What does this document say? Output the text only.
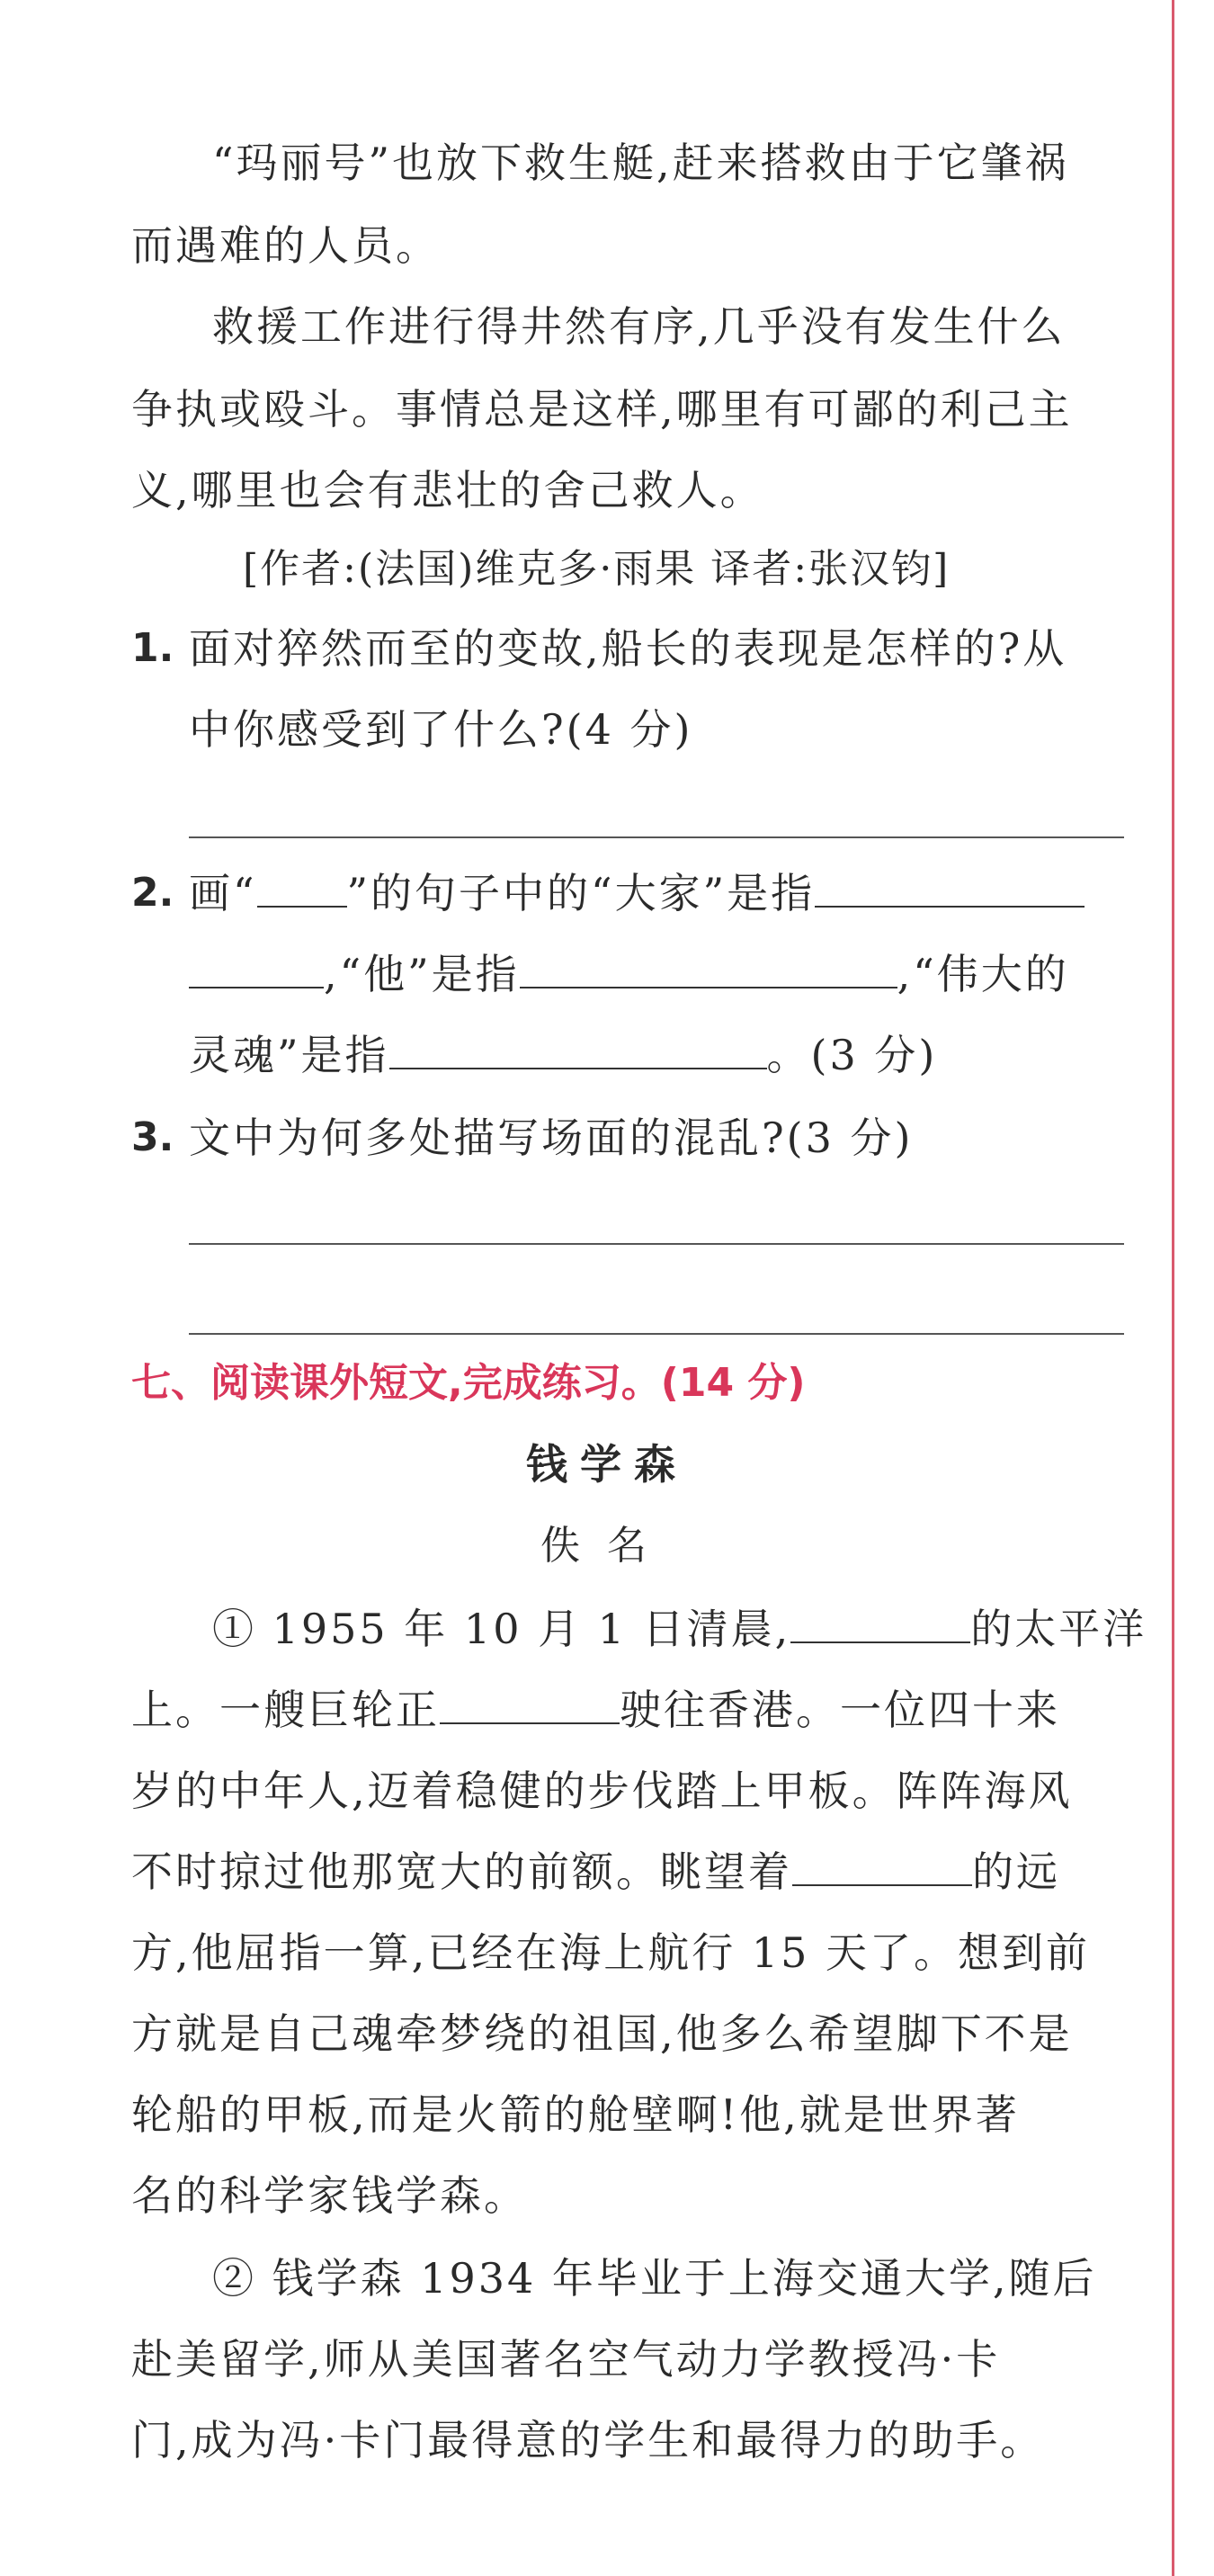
“玛丽号”也放下救生艇,赶来搭救由于它肇祸
而遇难的人员。
救援工作进行得井然有序,几乎没有发生什么
争执或殴斗。事情总是这样,哪里有可鄙的利己主
义,哪里也会有悲壮的舍己救人。
[作者:(法国)维克多·雨果 译者:张汉钧]
1. 面对猝然而至的变故,船长的表现是怎样的?从
中你感受到了什么?(4 分)
2. 画“ ”的句子中的“大家”是指
,“他”是指	,“伟大的
灵魂”是指	。(3 分)
3. 文中为何多处描写场面的混乱?(3 分)
七、阅读课外短文,完成练习。(14 分)
钱学森
佚名
① 1955 年 10 月 1 日清晨,	的太平洋
上。一艘巨轮正	驶往香港。一位四十来
岁的中年人,迈着稳健的步伐踏上甲板。阵阵海风
不时掠过他那宽大的前额。眺望着	的远
方,他屈指一算,已经在海上航行 15 天了。想到前
方就是自己魂牵梦绕的祖国,他多么希望脚下不是
轮船的甲板,而是火箭的舱壁啊!他,就是世界著
名的科学家钱学森。
② 钱学森 1934 年毕业于上海交通大学,随后
赴美留学,师从美国著名空气动力学教授冯·卡
门,成为冯·卡门最得意的学生和最得力的助手。
